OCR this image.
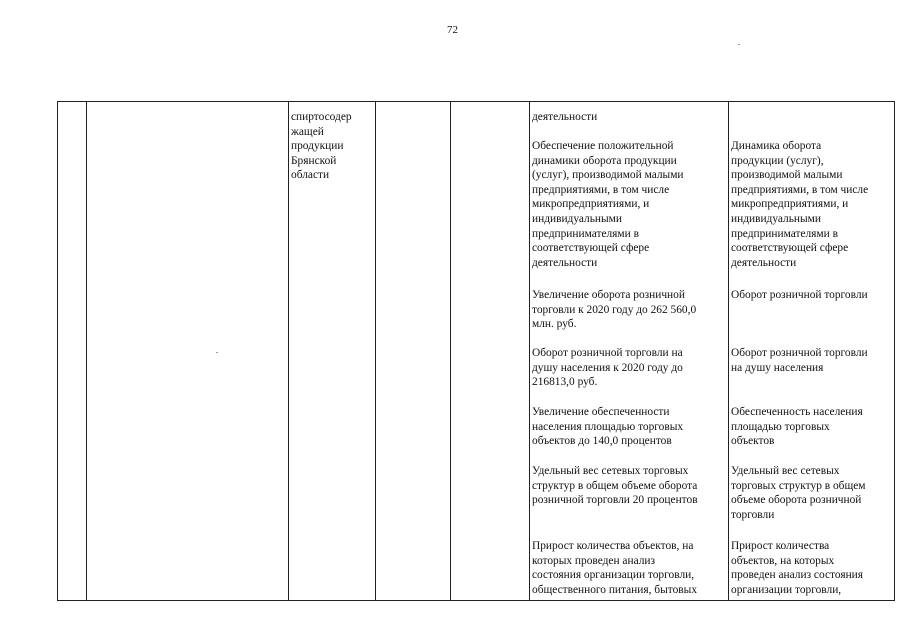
72
спиртосодер
жащей
продукции
Брянской
области
деятельности
Обеспечение положительной
динамики оборота продукции
(услуг), производимой малыми
предприятиями, в том числе
микропредприятиями, и
индивидуальными
предпринимателями в
соответствующей сфере
деятельности
Увеличение оборота розничной
торговли к 2020 году до 262 560,0
млн. руб.
Оборот розничной торговли на
душу населения к 2020 году до
216813,0 руб.
Увеличение обеспеченности
населения площадью торговых
объектов до 140,0 процентов
Удельный вес сетевых торговых
структур в общем объеме оборота
розничной торговли 20 процентов
Прирост количества объектов, на
которых проведен анализ
состояния организации торговли,
общественного питания, бытовых
Динамика оборота
продукции (услуг),
производимой малыми
предприятиями, в том числе
микропредприятиями, и
индивидуальными
предпринимателями в
соответствующей сфере
деятельности
Оборот розничной торговли
Оборот розничной торговли
на душу населения
Обеспеченность населения
площадью торговых
объектов
Удельный вес сетевых
торговых структур в общем
объеме оборота розничной
торговли
Прирост количества
объектов, на которых
проведен анализ состояния
организации торговли,
